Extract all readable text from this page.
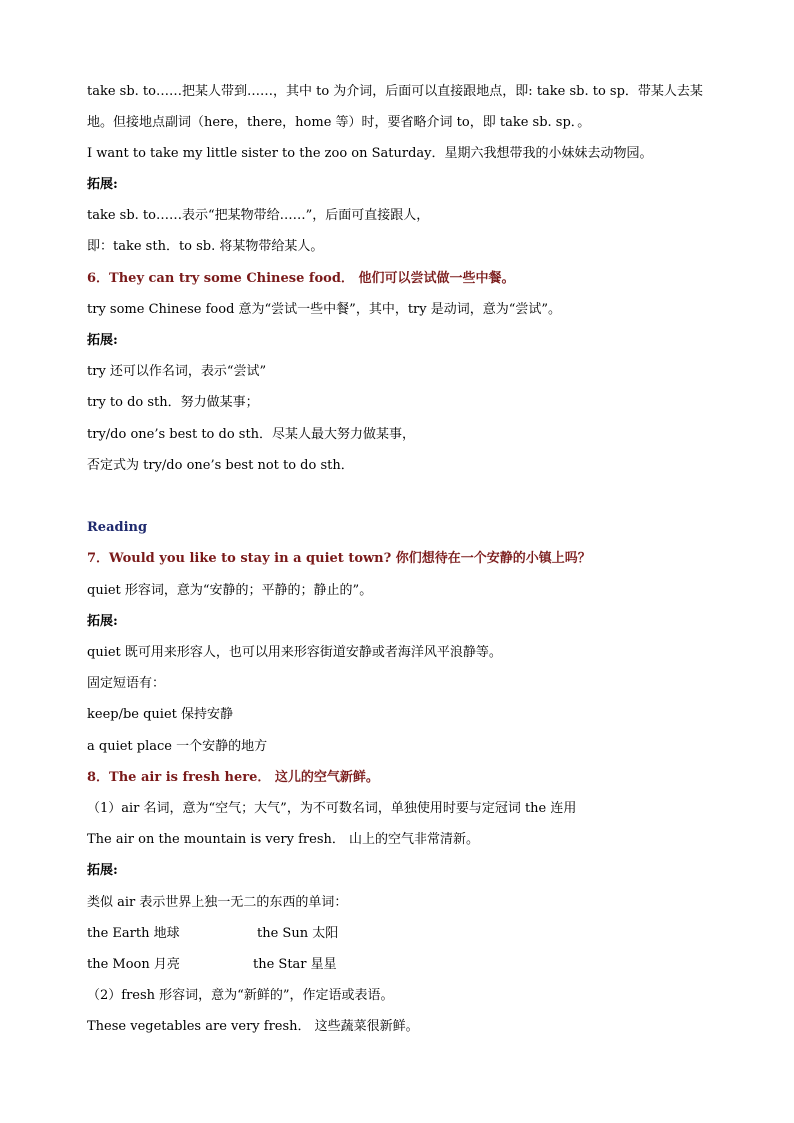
take sb. to……把某人带到……，其中 to 为介词，后面可以直接跟地点，即: take sb. to sp．带某人去某
地。但接地点副词（here，there，home 等）时，要省略介词 to，即 take sb. sp．。
I want to take my little sister to the zoo on Saturday．星期六我想带我的小妹妹去动物园。
拓展:
take sb. to……表示“把某物带给……”，后面可直接跟人，
即：take sth．to sb. 将某物带给某人。
6．They can try some Chinese food． 他们可以尝试做一些中餐。
try some Chinese food 意为“尝试一些中餐”，其中，try 是动词，意为“尝试”。
拓展:
try 还可以作名词，表示“尝试”
try to do sth．努力做某事；
try/do one’s best to do sth．尽某人最大努力做某事，
否定式为 try/do one’s best not to do sth．
Reading
7．Would you like to stay in a quiet town? 你们想待在一个安静的小镇上吗？
quiet 形容词，意为“安静的；平静的；静止的”。
拓展:
quiet 既可用来形容人，也可以用来形容街道安静或者海洋风平浪静等。
固定短语有：
keep/be quiet 保持安静
a quiet place 一个安静的地方
8．The air is fresh here． 这儿的空气新鲜。
（1）air 名词，意为“空气；大气”，为不可数名词，单独使用时要与定冠词 the 连用
The air on the mountain is very fresh． 山上的空气非常清新。
拓展:
类似 air 表示世界上独一无二的东西的单词：
the Earth 地球	the Sun 太阳
the Moon 月亮	the Star 星星
（2）fresh 形容词，意为“新鲜的”，作定语或表语。
These vegetables are very fresh． 这些蔬菜很新鲜。
